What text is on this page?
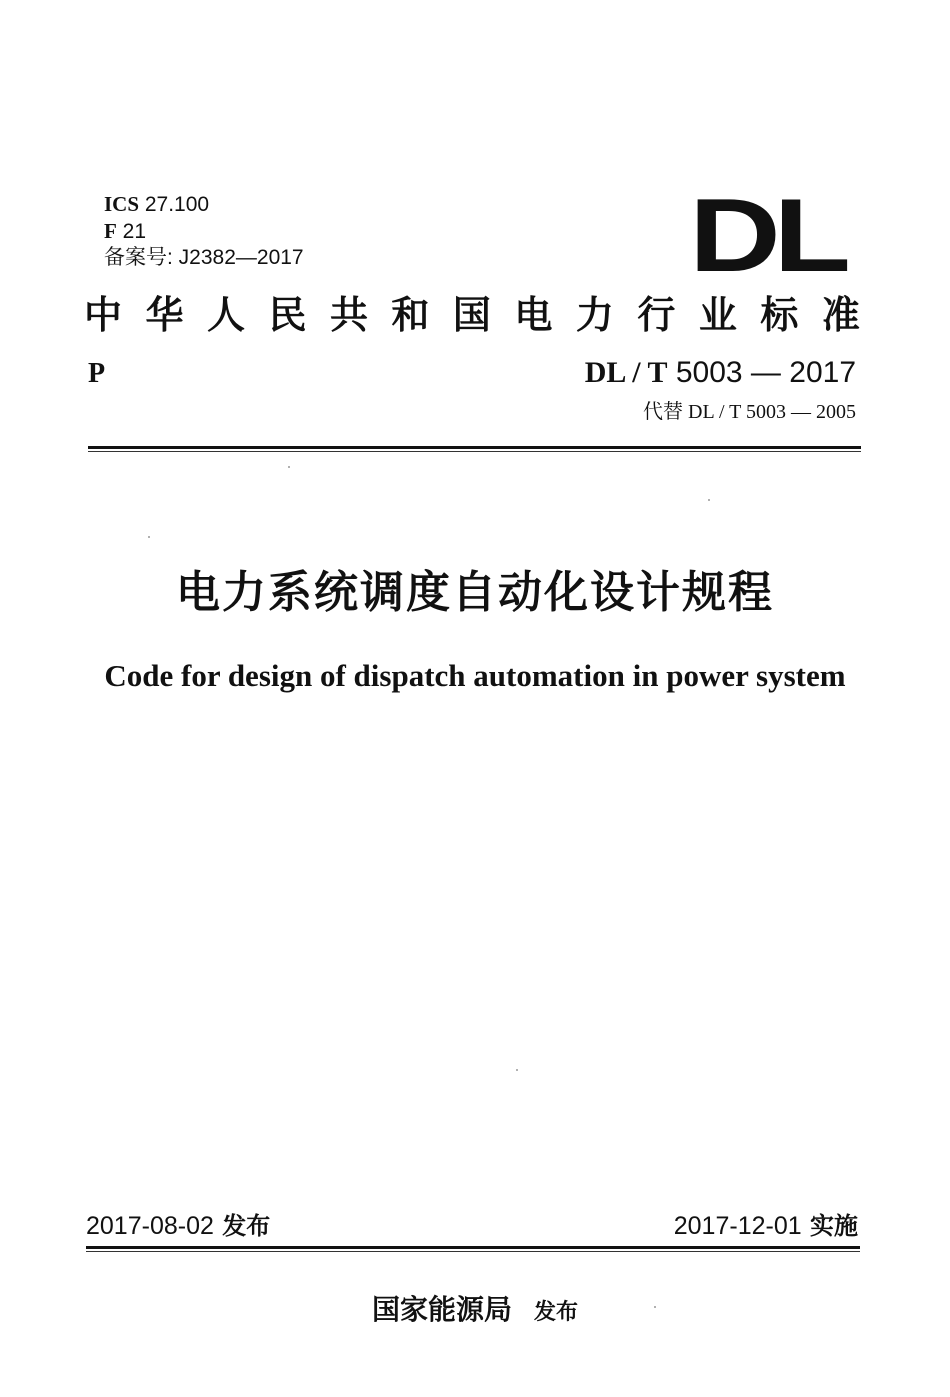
ICS 27.100
F 21
备案号: J2382—2017	DL
中 华 人 民 共 和 国 电 力 行 业 标 准
P	DL / T 5003 — 2017
代替 DL / T 5003 — 2005
电力系统调度自动化设计规程
Code for design of dispatch automation in power system
2017-08-02 发布	2017-12-01 实施
国家能源局 发布
